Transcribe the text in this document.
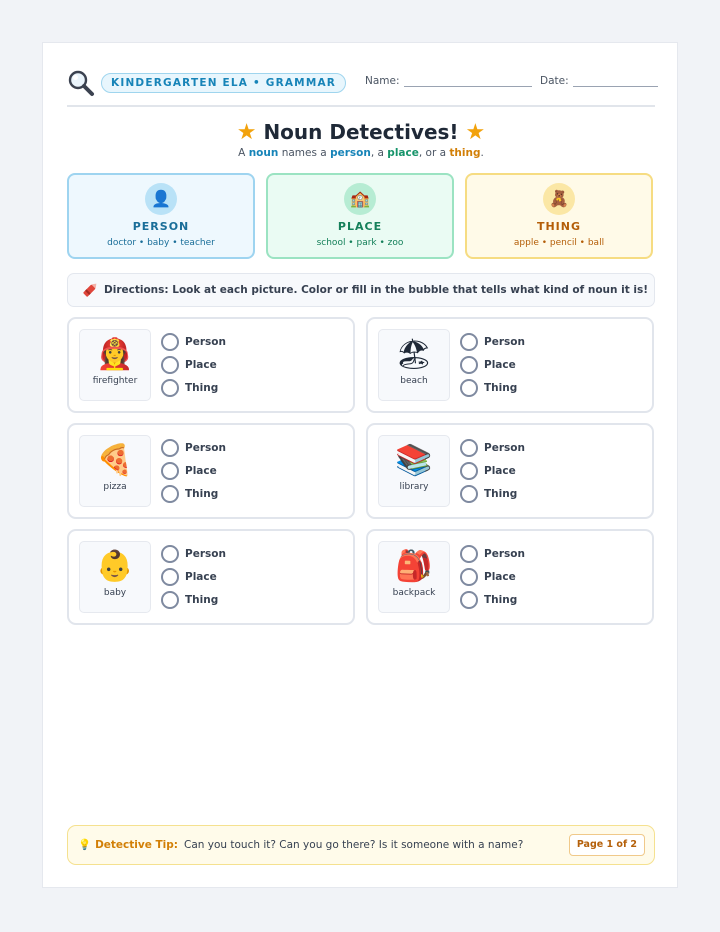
KINDERGARTEN ELA • GRAMMAR	Name:	Date:
★ Noun Detectives! ★
A noun names a person, a place, or a thing.
👤
PERSON
doctor • baby • teacher
🏫
PLACE
school • park • zoo
🧸
THING
apple • pencil • ball
Directions: Look at each picture. Color or fill in the bubble that tells what kind of noun it is!
👩‍🚒
firefighter
Person
Place
Thing
🏖
beach
Person
Place
Thing
🍕
pizza
Person
Place
Thing
📚
library
Person
Place
Thing
👶
baby
Person
Place
Thing
🎒
backpack
Person
Place
Thing
💡 Detective Tip: Can you touch it? Can you go there? Is it someone with a name?	Page 1 of 2
